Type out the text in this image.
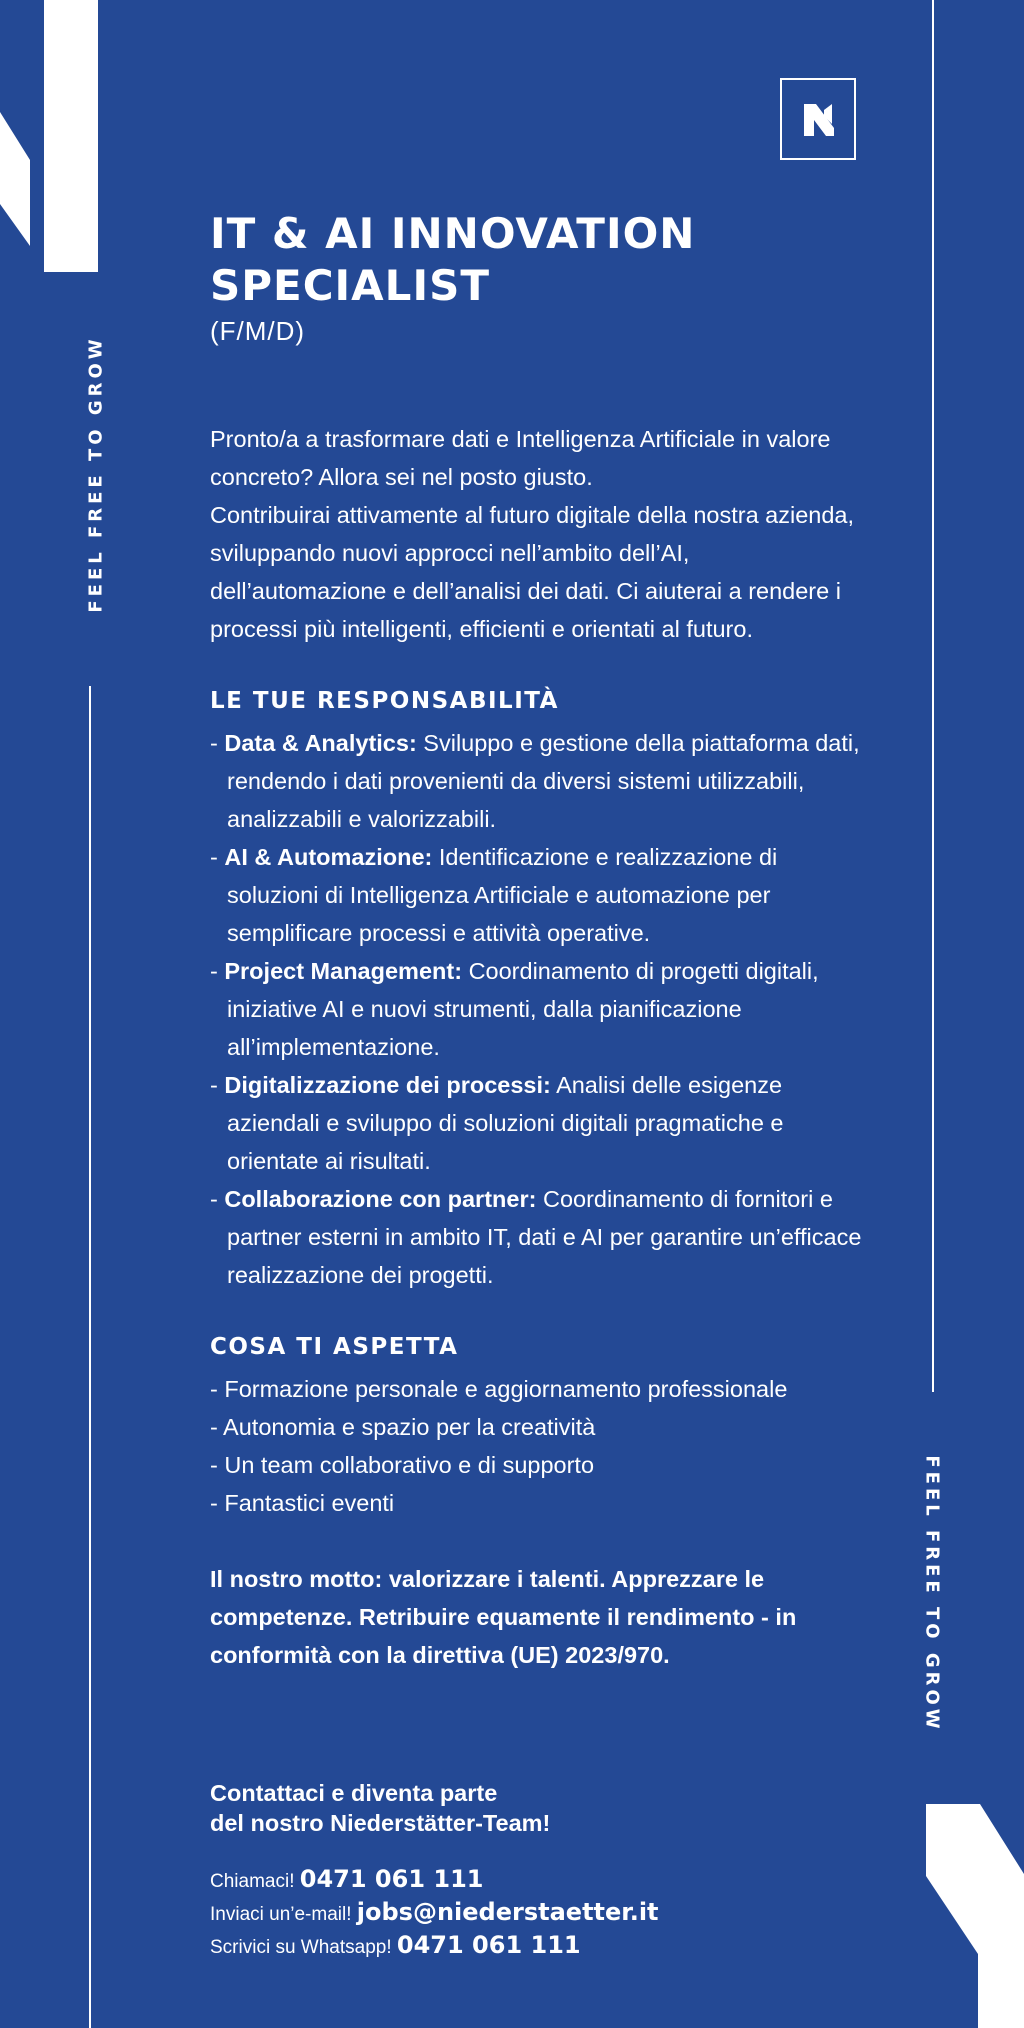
FEEL FREE TO GROW
FEEL FREE TO GROW
IT & AI INNOVATION
SPECIALIST
(F/M/D)

Pronto/a a trasformare dati e Intelligenza Artificiale in valore concreto? Allora sei nel posto giusto.

Contribuirai attivamente al futuro digitale della nostra azienda, sviluppando nuovi approcci nell’ambito dell’AI, dell’automazione e dell’analisi dei dati. Ci aiuterai a rendere i processi più intelligenti, efficienti e orientati al futuro.

LE TUE RESPONSABILITÀ
- Data & Analytics: Sviluppo e gestione della piattaforma dati, rendendo i dati provenienti da diversi sistemi utilizzabili, analizzabili e valorizzabili.
- AI & Automazione: Identificazione e realizzazione di soluzioni di Intelligenza Artificiale e automazione per semplificare processi e attività operative.
- Project Management: Coordinamento di progetti digitali, iniziative AI e nuovi strumenti, dalla pianificazione all’implementazione.
- Digitalizzazione dei processi: Analisi delle esigenze aziendali e sviluppo di soluzioni digitali pragmatiche e orientate ai risultati.
- Collaborazione con partner: Coordinamento di fornitori e partner esterni in ambito IT, dati e AI per garantire un’efficace realizzazione dei progetti.
COSA TI ASPETTA
- Formazione personale e aggiornamento professionale
- Autonomia e spazio per la creatività
- Un team collaborativo e di supporto
- Fantastici eventi
Il nostro motto: valorizzare i talenti. Apprezzare le competenze. Retribuire equamente il rendimento - in conformità con la direttiva (UE) 2023/970.
Contattaci e diventa parte
del nostro Niederstätter-Team!
Chiamaci! 0471 061 111
Inviaci un’e-mail! jobs@niederstaetter.it
Scrivici su Whatsapp! 0471 061 111
